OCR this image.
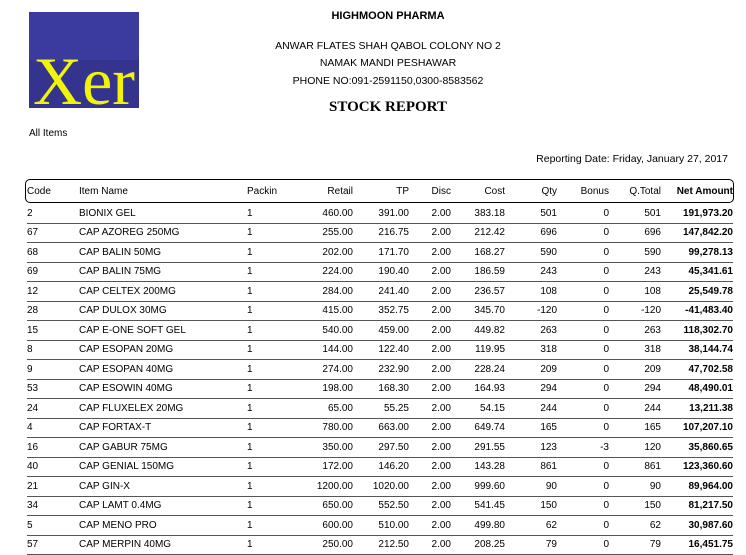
Xer
HIGHMOON PHARMA
ANWAR FLATES SHAH QABOL COLONY NO 2
NAMAK MANDI PESHAWAR
PHONE NO:091-2591150,0300-8583562
STOCK REPORT
All Items
Reporting Date: Friday, January 27, 2017
Code	Item Name	Packin	Retail	TP	Disc	Cost	Qty	Bonus	Q.Total	Net Amount
2	BIONIX GEL	1	460.00	391.00	2.00	383.18	501	0	501	191,973.20
67	CAP AZOREG 250MG	1	255.00	216.75	2.00	212.42	696	0	696	147,842.20
68	CAP BALIN 50MG	1	202.00	171.70	2.00	168.27	590	0	590	99,278.13
69	CAP BALIN 75MG	1	224.00	190.40	2.00	186.59	243	0	243	45,341.61
12	CAP CELTEX 200MG	1	284.00	241.40	2.00	236.57	108	0	108	25,549.78
28	CAP DULOX 30MG	1	415.00	352.75	2.00	345.70	-120	0	-120	-41,483.40
15	CAP E-ONE SOFT GEL	1	540.00	459.00	2.00	449.82	263	0	263	118,302.70
8	CAP ESOPAN 20MG	1	144.00	122.40	2.00	119.95	318	0	318	38,144.74
9	CAP ESOPAN 40MG	1	274.00	232.90	2.00	228.24	209	0	209	47,702.58
53	CAP ESOWIN 40MG	1	198.00	168.30	2.00	164.93	294	0	294	48,490.01
24	CAP FLUXELEX 20MG	1	65.00	55.25	2.00	54.15	244	0	244	13,211.38
4	CAP FORTAX-T	1	780.00	663.00	2.00	649.74	165	0	165	107,207.10
16	CAP GABUR 75MG	1	350.00	297.50	2.00	291.55	123	-3	120	35,860.65
40	CAP GENIAL 150MG	1	172.00	146.20	2.00	143.28	861	0	861	123,360.60
21	CAP GIN-X	1	1200.00	1020.00	2.00	999.60	90	0	90	89,964.00
34	CAP LAMT 0.4MG	1	650.00	552.50	2.00	541.45	150	0	150	81,217.50
5	CAP MENO PRO	1	600.00	510.00	2.00	499.80	62	0	62	30,987.60
57	CAP MERPIN 40MG	1	250.00	212.50	2.00	208.25	79	0	79	16,451.75
